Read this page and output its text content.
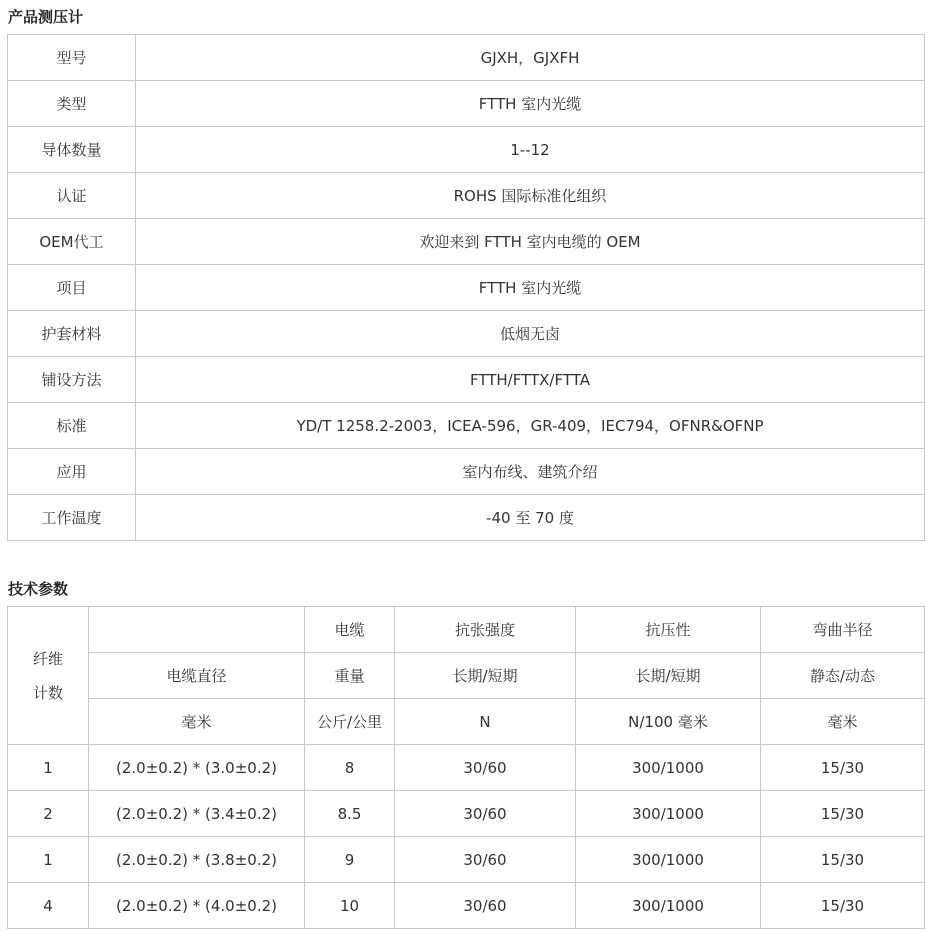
产品测压计
型号	GJXH，GJXFH
类型	FTTH 室内光缆
导体数量	1--12
认证	ROHS 国际标准化组织
OEM代工	欢迎来到 FTTH 室内电缆的 OEM
项目	FTTH 室内光缆
护套材料	低烟无卤
铺设方法	FTTH/FTTX/FTTA
标准	YD/T 1258.2-2003，ICEA-596，GR-409，IEC794，OFNR&OFNP
应用	室内布线、建筑介绍
工作温度	-40 至 70 度
技术参数
纤维
计数		电缆	抗张强度	抗压性	弯曲半径
	电缆直径	重量	长期/短期	长期/短期	静态/动态
	毫米	公斤/公里	N	N/100 毫米	毫米
1	(2.0±0.2) * (3.0±0.2)	8	30/60	300/1000	15/30
2	(2.0±0.2) * (3.4±0.2)	8.5	30/60	300/1000	15/30
1	(2.0±0.2) * (3.8±0.2)	9	30/60	300/1000	15/30
4	(2.0±0.2) * (4.0±0.2)	10	30/60	300/1000	15/30
